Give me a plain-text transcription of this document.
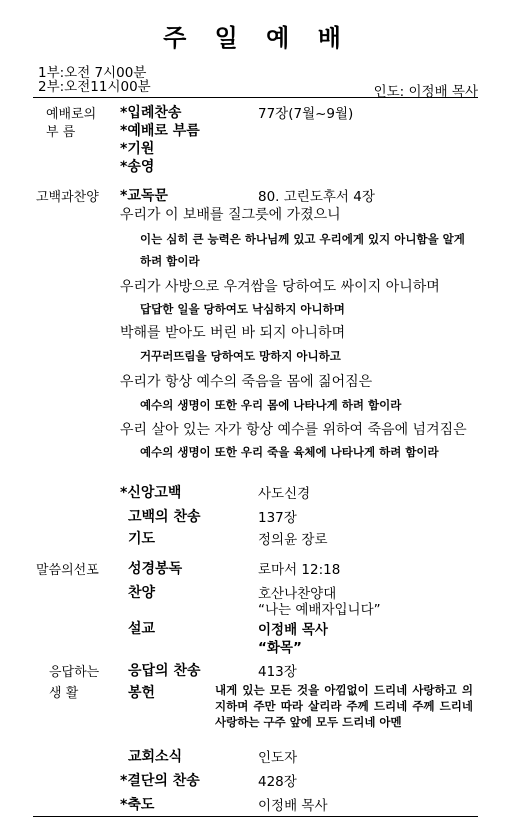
주 일 예 배
1부:오전 7시00분
2부:오전11시00분	인도: 이정배 목사
예배로의
부 름
*입례찬송	77장(7월~9월)
*예배로 부름
*기원
*송영
고백과찬양 *교독문	80. 고린도후서 4장
우리가 이 보배를 질그릇에 가졌으니
이는 심히 큰 능력은 하나님께 있고 우리에게 있지 아니함을 알게
하려 함이라
우리가 사방으로 우겨쌈을 당하여도 싸이지 아니하며
답답한 일을 당하여도 낙심하지 아니하며
박해를 받아도 버린 바 되지 아니하며
거꾸러뜨림을 당하여도 망하지 아니하고
우리가 항상 예수의 죽음을 몸에 짊어짐은
예수의 생명이 또한 우리 몸에 나타나게 하려 함이라
우리 살아 있는 자가 항상 예수를 위하여 죽음에 넘겨짐은
예수의 생명이 또한 우리 죽을 육체에 나타나게 하려 함이라
*신앙고백	사도신경
고백의 찬송	137장
기도	정의윤 장로
말씀의선포 성경봉독	로마서 12:18
찬양	호산나찬양대
“나는 예배자입니다”
설교	이정배 목사
“화목”
응답하는
생 활
응답의 찬송	413장
봉헌	내게 있는 모든 것을 아낌없이 드리네 사랑하고 의지하며 주만 따라 살리라 주께 드리네 주께 드리네 사랑하는 구주 앞에 모두 드리네 아멘
교회소식	인도자
*결단의 찬송	428장
*축도	이정배 목사
